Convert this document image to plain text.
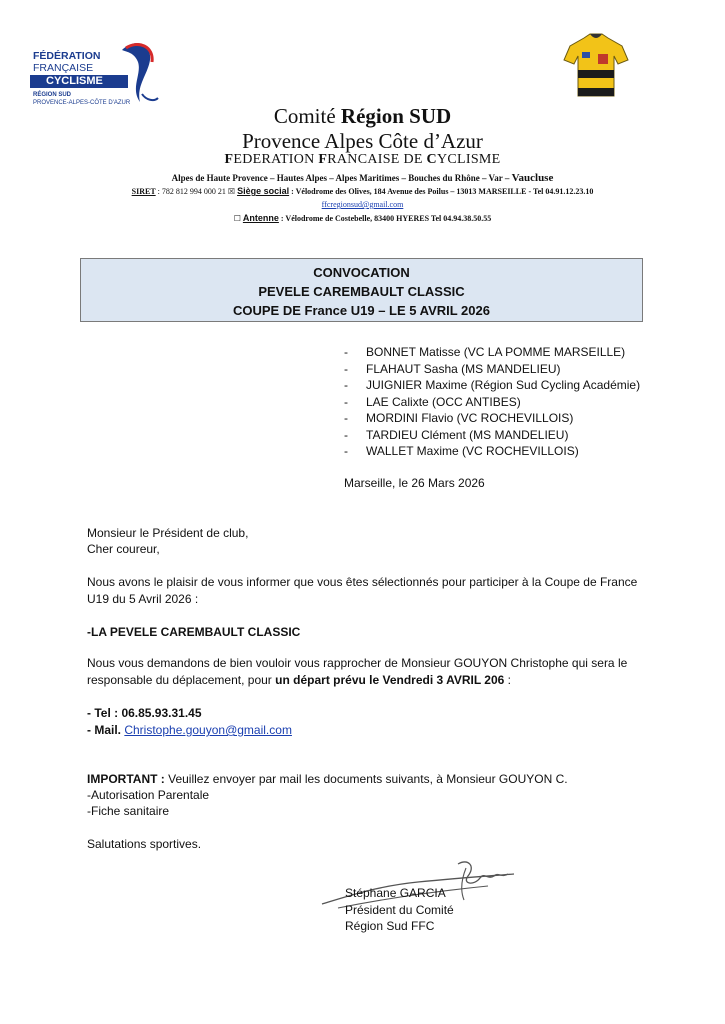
FÉDÉRATION
FRANÇAISE
CYCLISME
RÉGION SUD
PROVENCE-ALPES-CÔTE D'AZUR
Comité Région SUD
Provence Alpes Côte d’Azur
FEDERATION FRANCAISE DE CYCLISME
Alpes de Haute Provence – Hautes Alpes – Alpes Maritimes – Bouches du Rhône – Var – Vaucluse
SIRET : 782 812 994 000 21 ☒ Siège social : Vélodrome des Olives, 184 Avenue des Poilus – 13013 MARSEILLE - Tel 04.91.12.23.10
ffcregionsud@gmail.com
☐ Antenne : Vélodrome de Costebelle, 83400 HYERES Tel 04.94.38.50.55
CONVOCATION
PEVELE CAREMBAULT CLASSIC
COUPE DE France U19 – LE 5 AVRIL 2026
- BONNET Matisse (VC LA POMME MARSEILLE)
- FLAHAUT Sasha (MS MANDELIEU)
- JUIGNIER Maxime (Région Sud Cycling Académie)
- LAE Calixte (OCC ANTIBES)
- MORDINI Flavio (VC ROCHEVILLOIS)
- TARDIEU Clément (MS MANDELIEU)
- WALLET Maxime (VC ROCHEVILLOIS)
Marseille, le 26 Mars 2026
Monsieur le Président de club,
Cher coureur,
Nous avons le plaisir de vous informer que vous êtes sélectionnés pour participer à la Coupe de France
U19 du 5 Avril 2026 :
-LA PEVELE CAREMBAULT CLASSIC
Nous vous demandons de bien vouloir vous rapprocher de Monsieur GOUYON Christophe qui sera le
responsable du déplacement, pour un départ prévu le Vendredi 3 AVRIL 206 :
- Tel : 06.85.93.31.45
- Mail. Christophe.gouyon@gmail.com
IMPORTANT : Veuillez envoyer par mail les documents suivants, à Monsieur GOUYON C.
-Autorisation Parentale
-Fiche sanitaire
Salutations sportives.
Stéphane GARCIA
Président du Comité
Région Sud FFC
